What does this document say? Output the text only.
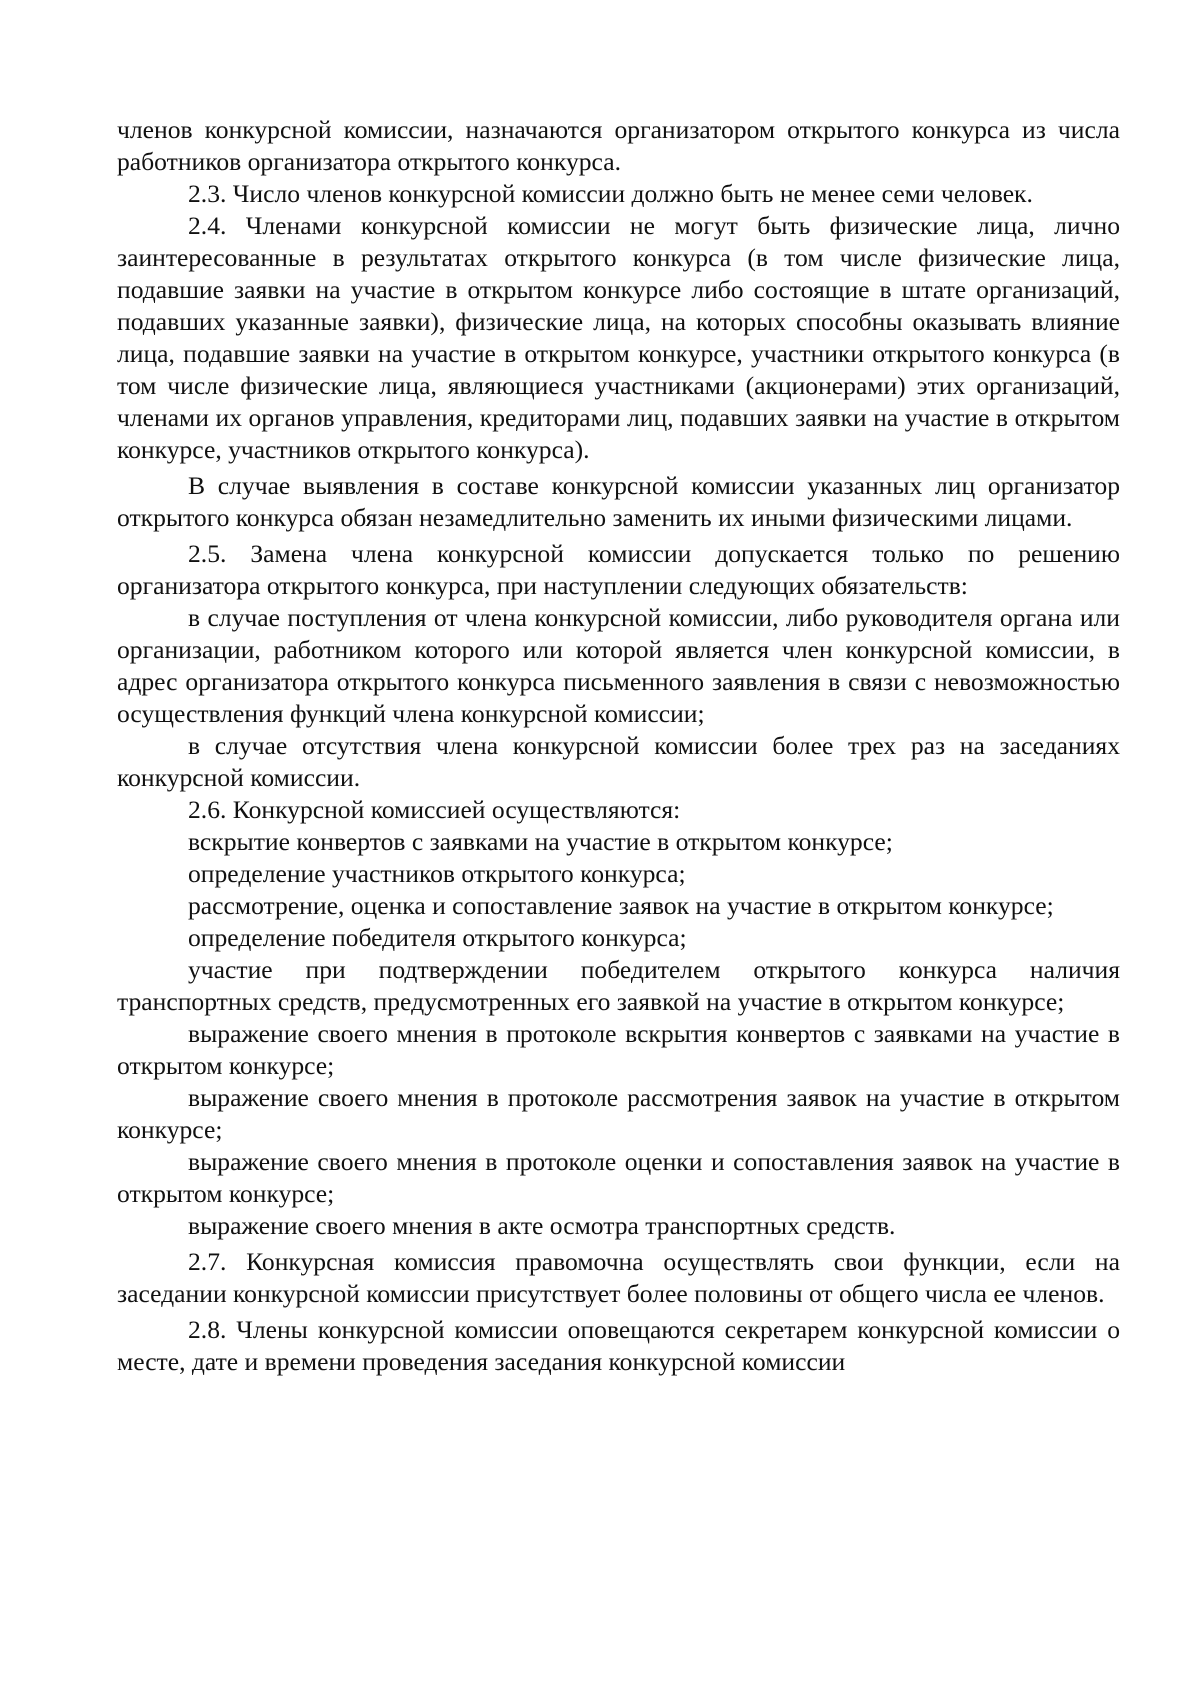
членов конкурсной комиссии, назначаются организатором открытого конкурса из числа работников организатора открытого конкурса.

2.3. Число членов конкурсной комиссии должно быть не менее семи человек.

2.4. Членами конкурсной комиссии не могут быть физические лица, лично заинтересованные в результатах открытого конкурса (в том числе физические лица, подавшие заявки на участие в открытом конкурсе либо состоящие в штате организаций, подавших указанные заявки), физические лица, на которых способны оказывать влияние лица, подавшие заявки на участие в открытом конкурсе, участники открытого конкурса (в том числе физические лица, являющиеся участниками (акционерами) этих организаций, членами их органов управления, кредиторами лиц, подавших заявки на участие в открытом конкурсе, участников открытого конкурса).

В случае выявления в составе конкурсной комиссии указанных лиц организатор открытого конкурса обязан незамедлительно заменить их иными физическими лицами.

2.5. Замена члена конкурсной комиссии допускается только по решению организатора открытого конкурса, при наступлении следующих обязательств:

в случае поступления от члена конкурсной комиссии, либо руководителя органа или организации, работником которого или которой является член конкурсной комиссии, в адрес организатора открытого конкурса письменного заявления в связи с невозможностью осуществления функций члена конкурсной комиссии;

в случае отсутствия члена конкурсной комиссии более трех раз на заседаниях конкурсной комиссии.

2.6. Конкурсной комиссией осуществляются:

вскрытие конвертов с заявками на участие в открытом конкурсе;

определение участников открытого конкурса;

рассмотрение, оценка и сопоставление заявок на участие в открытом конкурсе;

определение победителя открытого конкурса;

участие при подтверждении победителем открытого конкурса наличия транспортных средств, предусмотренных его заявкой на участие в открытом конкурсе;

выражение своего мнения в протоколе вскрытия конвертов с заявками на участие в открытом конкурсе;

выражение своего мнения в протоколе рассмотрения заявок на участие в открытом конкурсе;

выражение своего мнения в протоколе оценки и сопоставления заявок на участие в открытом конкурсе;

выражение своего мнения в акте осмотра транспортных средств.

2.7. Конкурсная комиссия правомочна осуществлять свои функции, если на заседании конкурсной комиссии присутствует более половины от общего числа ее членов.

2.8. Члены конкурсной комиссии оповещаются секретарем конкурсной комиссии о месте, дате и времени проведения заседания конкурсной комиссии
